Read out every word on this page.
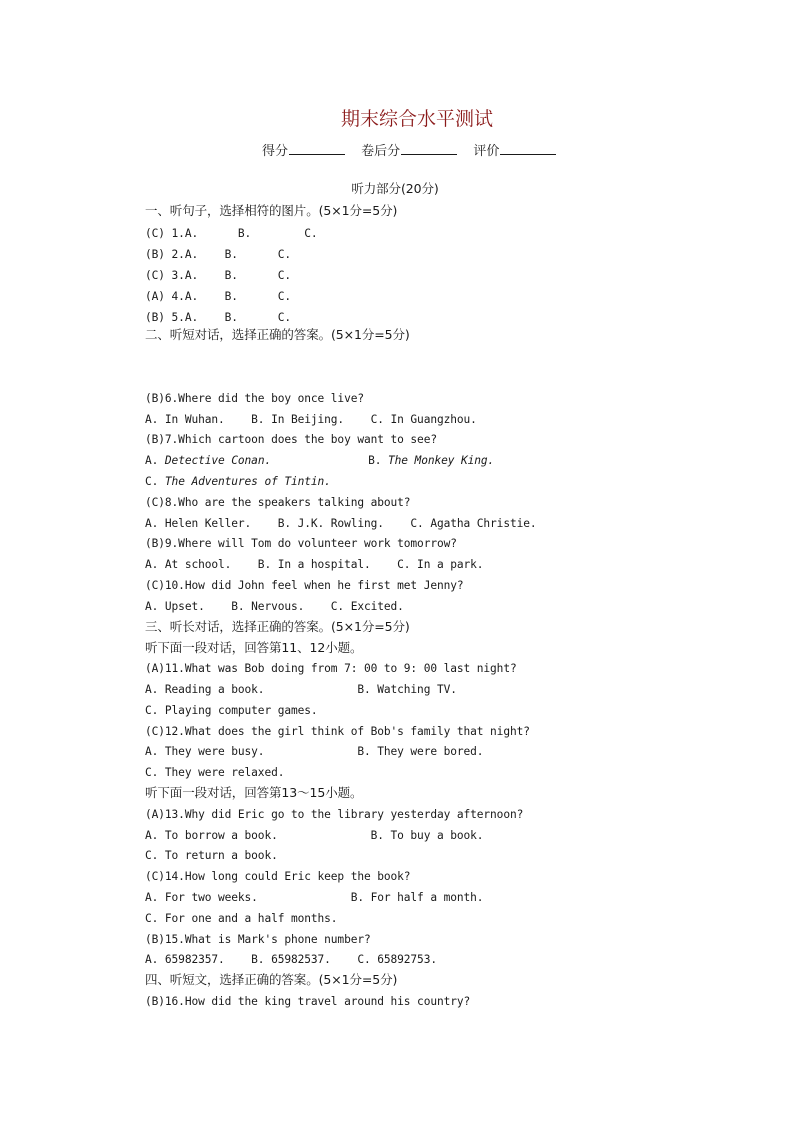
期末综合水平测试
得分	卷后分	评价
听力部分(20分)
一、听句子，选择相符的图片。(5×1分=5分)
(C) 1.A.      B.        C.
(B) 2.A.    B.      C.
(C) 3.A.    B.      C.
(A) 4.A.    B.      C.
(B) 5.A.    B.      C.
二、听短对话，选择正确的答案。(5×1分=5分)
(B)6.Where did the boy once live?
A. In Wuhan.    B. In Beijing.    C. In Guangzhou.
(B)7.Which cartoon does the boy want to see?
A. Detective Conan.	B. The Monkey King.
C. The Adventures of Tintin.
(C)8.Who are the speakers talking about?
A. Helen Keller.    B. J.K. Rowling.    C. Agatha Christie.
(B)9.Where will Tom do volunteer work tomorrow?
A. At school.    B. In a hospital.    C. In a park.
(C)10.How did John feel when he first met Jenny?
A. Upset.    B. Nervous.    C. Excited.
三、听长对话，选择正确的答案。(5×1分=5分)
听下面一段对话，回答第11、12小题。
(A)11.What was Bob doing from 7: 00 to 9: 00 last night?
A. Reading a book.              B. Watching TV.
C. Playing computer games.
(C)12.What does the girl think of Bob's family that night?
A. They were busy.              B. They were bored.
C. They were relaxed.
听下面一段对话，回答第13～15小题。
(A)13.Why did Eric go to the library yesterday afternoon?
A. To borrow a book.              B. To buy a book.
C. To return a book.
(C)14.How long could Eric keep the book?
A. For two weeks.              B. For half a month.
C. For one and a half months.
(B)15.What is Mark's phone number?
A. 65982357.    B. 65982537.    C. 65892753.
四、听短文，选择正确的答案。(5×1分=5分)
(B)16.How did the king travel around his country?
